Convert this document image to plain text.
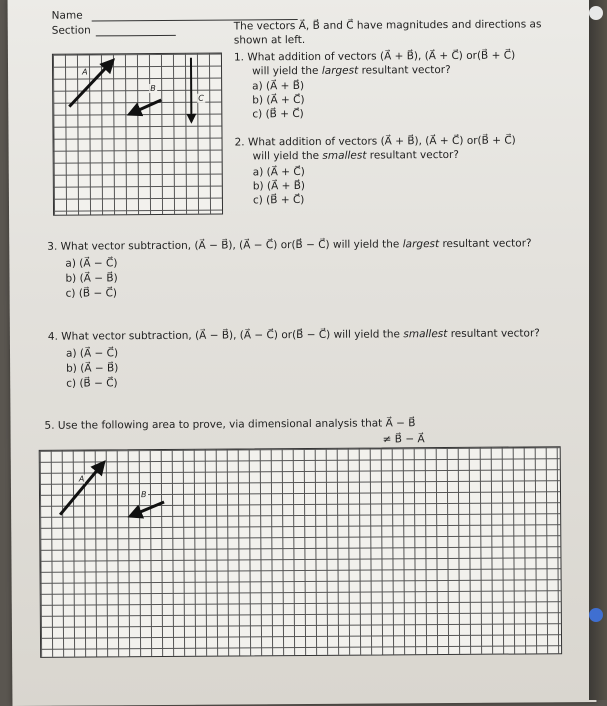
Name
Section
A
B
C
The vectors A⃗, B⃗ and C⃗ have magnitudes and directions as
shown at left.
1. What addition of vectors (A⃗ + B⃗), (A⃗ + C⃗) or(B⃗ + C⃗)
will yield the largest resultant vector?
a) (A⃗ + B⃗)
b) (A⃗ + C⃗)
c) (B⃗ + C⃗)
2. What addition of vectors (A⃗ + B⃗), (A⃗ + C⃗) or(B⃗ + C⃗)
will yield the smallest resultant vector?
a) (A⃗ + C⃗)
b) (A⃗ + B⃗)
c) (B⃗ + C⃗)
3. What vector subtraction, (A⃗ − B⃗), (A⃗ − C⃗) or(B⃗ − C⃗) will yield the largest resultant vector?
a) (A⃗ − C⃗)
b) (A⃗ − B⃗)
c) (B⃗ − C⃗)
4. What vector subtraction, (A⃗ − B⃗), (A⃗ − C⃗) or(B⃗ − C⃗) will yield the smallest resultant vector?
a) (A⃗ − C⃗)
b) (A⃗ − B⃗)
c) (B⃗ − C⃗)
5. Use the following area to prove, via dimensional analysis that A⃗ − B⃗
≠ B⃗ − A⃗
A
B
